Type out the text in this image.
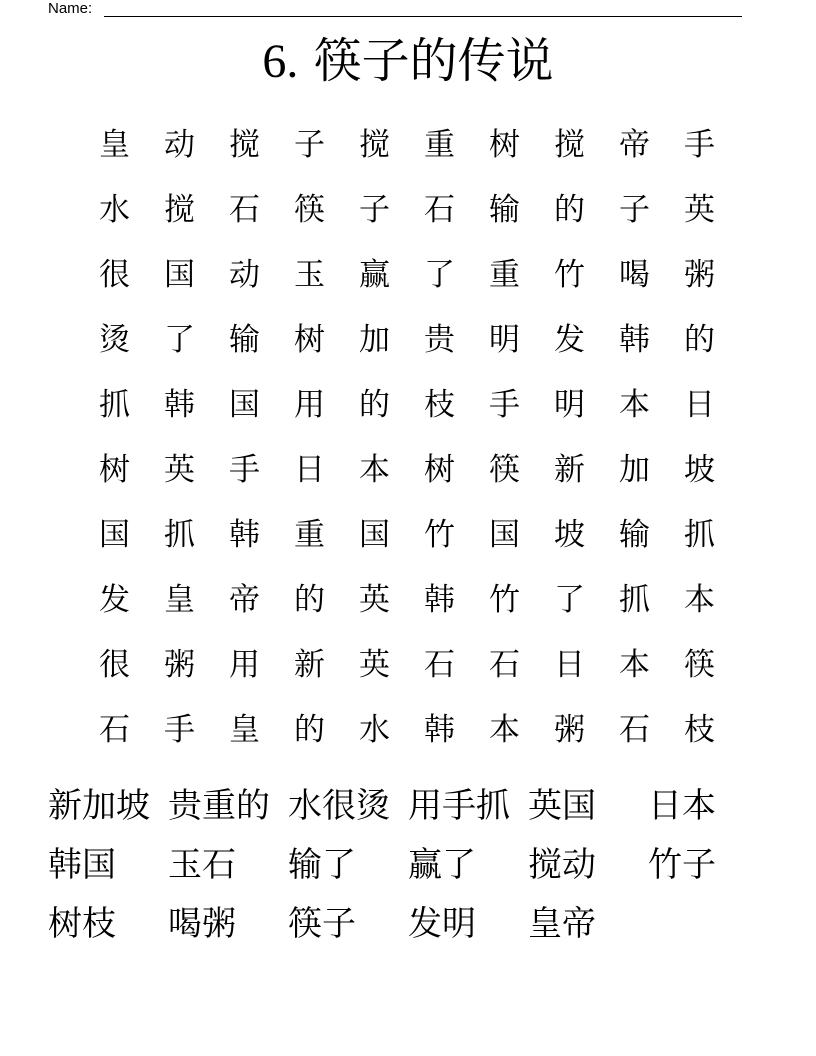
Name:
6. 筷子的传说
皇	动	搅	子	搅	重	树	搅	帝	手
水	搅	石	筷	子	石	输	的	子	英
很	国	动	玉	赢	了	重	竹	喝	粥
烫	了	输	树	加	贵	明	发	韩	的
抓	韩	国	用	的	枝	手	明	本	日
树	英	手	日	本	树	筷	新	加	坡
国	抓	韩	重	国	竹	国	坡	输	抓
发	皇	帝	的	英	韩	竹	了	抓	本
很	粥	用	新	英	石	石	日	本	筷
石	手	皇	的	水	韩	本	粥	石	枝
新加坡 贵重的 水很烫 用手抓 英国	日本
韩国	玉石	输了	赢了	搅动	竹子
树枝	喝粥	筷子	发明	皇帝
